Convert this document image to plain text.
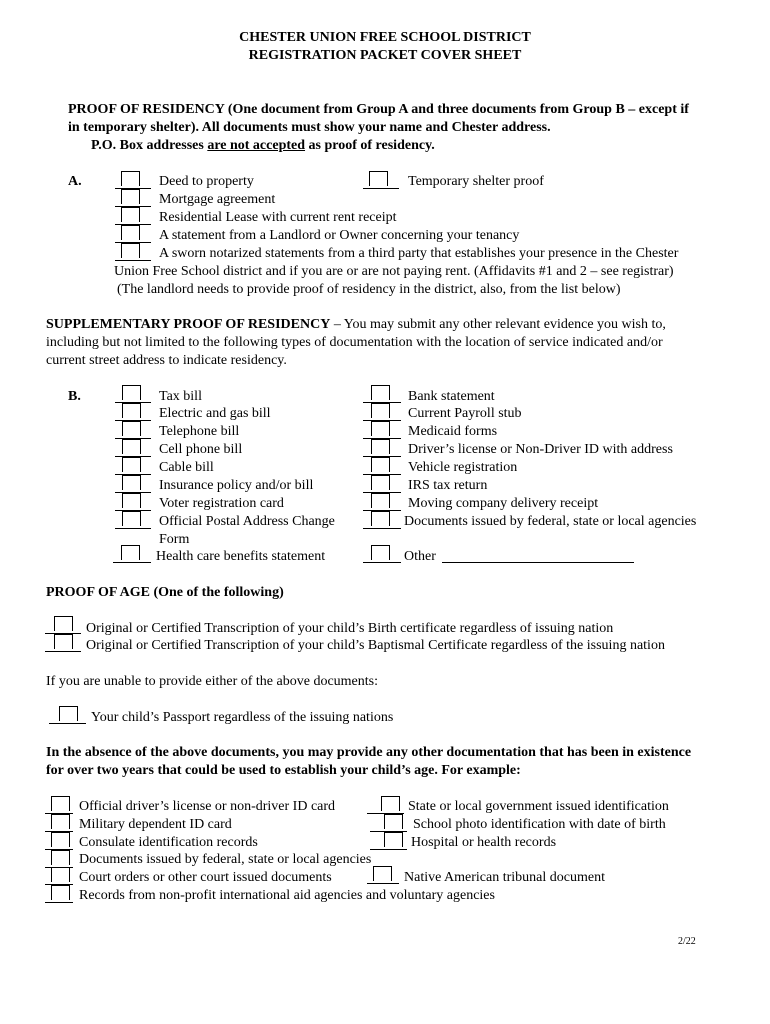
CHESTER UNION FREE SCHOOL DISTRICT
REGISTRATION PACKET COVER SHEET
PROOF OF RESIDENCY (One document from Group A and three documents from Group B – except if
in temporary shelter). All documents must show your name and Chester address.
P.O. Box addresses are not accepted as proof of residency.
A.	Deed to property	Temporary shelter proof
Mortgage agreement
Residential Lease with current rent receipt
A statement from a Landlord or Owner concerning your tenancy
A sworn notarized statements from a third party that establishes your presence in the Chester
Union Free School district and if you are or are not paying rent. (Affidavits #1 and 2 – see registrar)
(The landlord needs to provide proof of residency in the district, also, from the list below)
SUPPLEMENTARY PROOF OF RESIDENCY – You may submit any other relevant evidence you wish to,
including but not limited to the following types of documentation with the location of service indicated and/or
current street address to indicate residency.
B.	Tax bill
Electric and gas bill
Telephone bill
Cell phone bill
Cable bill
Insurance policy and/or bill
Voter registration card
Official Postal Address Change
Form
Health care benefits statement
Bank statement
Current Payroll stub
Medicaid forms
Driver’s license or Non-Driver ID with address
Vehicle registration
IRS tax return
Moving company delivery receipt
Documents issued by federal, state or local agencies
Other
PROOF OF AGE (One of the following)
Original or Certified Transcription of your child’s Birth certificate regardless of issuing nation
Original or Certified Transcription of your child’s Baptismal Certificate regardless of the issuing nation
If you are unable to provide either of the above documents:
Your child’s Passport regardless of the issuing nations
In the absence of the above documents, you may provide any other documentation that has been in existence
for over two years that could be used to establish your child’s age. For example:
Official driver’s license or non-driver ID card
Military dependent ID card
Consulate identification records
Documents issued by federal, state or local agencies
Court orders or other court issued documents
Records from non-profit international aid agencies and voluntary agencies
State or local government issued identification
School photo identification with date of birth
Hospital or health records
Native American tribunal document
2/22
